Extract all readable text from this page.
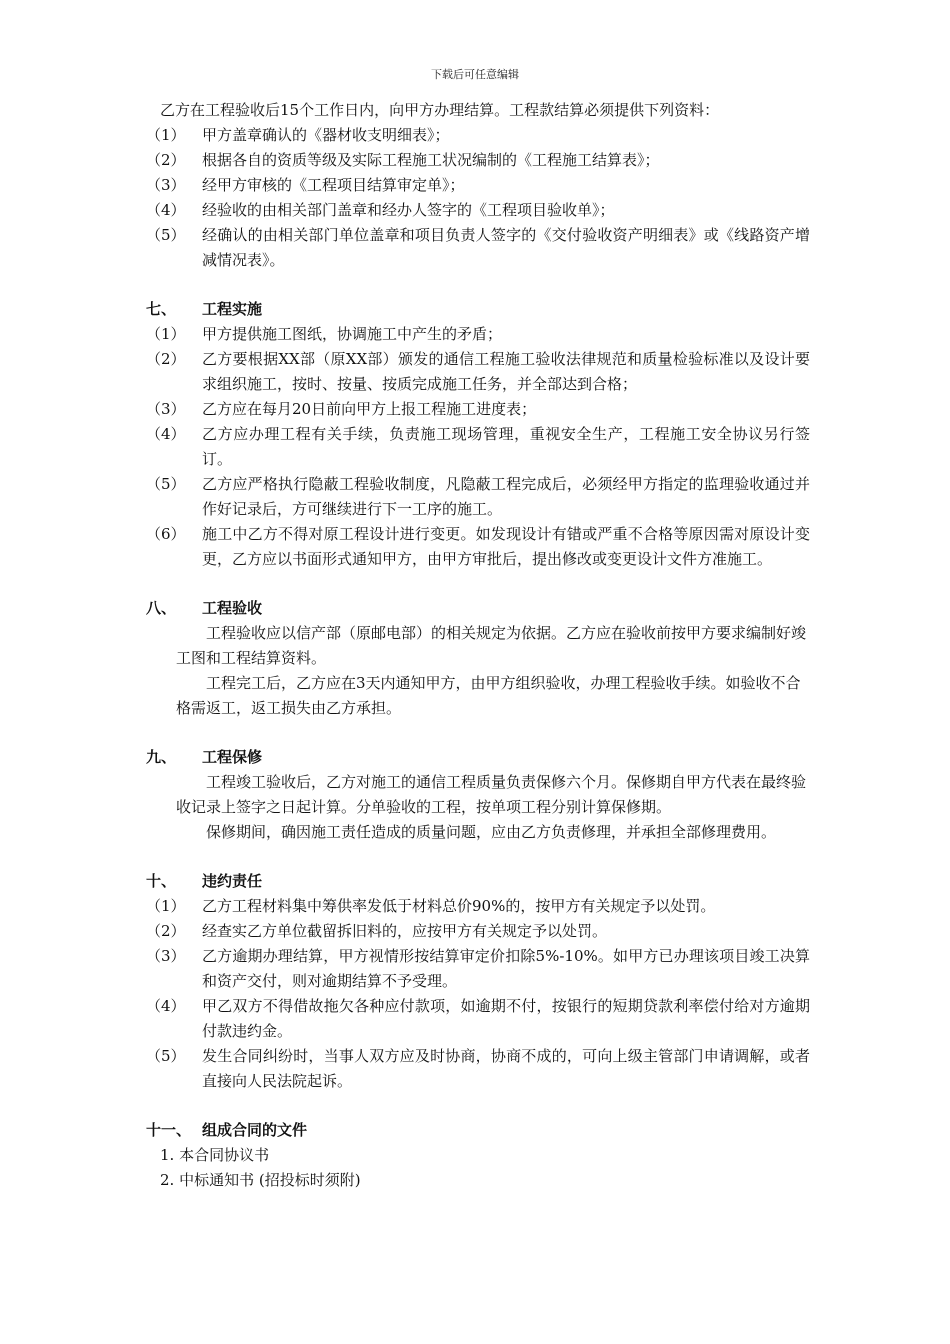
下载后可任意编辑

乙方在工程验收后15个工作日内，向甲方办理结算。工程款结算必须提供下列资料：

（1）	甲方盖章确认的《器材收支明细表》；
（2）	根据各自的资质等级及实际工程施工状况编制的《工程施工结算表》；
（3）	经甲方审核的《工程项目结算审定单》；
（4）	经验收的由相关部门盖章和经办人签字的《工程项目验收单》；
（5）	经确认的由相关部门单位盖章和项目负责人签字的《交付验收资产明细表》或《线路资产增减情况表》。
七、	工程实施
（1）	甲方提供施工图纸，协调施工中产生的矛盾；
（2）	乙方要根据XX部（原XX部）颁发的通信工程施工验收法律规范和质量检验标准以及设计要求组织施工，按时、按量、按质完成施工任务，并全部达到合格；
（3）	乙方应在每月20日前向甲方上报工程施工进度表；
（4）	乙方应办理工程有关手续，负责施工现场管理，重视安全生产，工程施工安全协议另行签订。
（5）	乙方应严格执行隐蔽工程验收制度，凡隐蔽工程完成后，必须经甲方指定的监理验收通过并作好记录后，方可继续进行下一工序的施工。
（6）	施工中乙方不得对原工程设计进行变更。如发现设计有错或严重不合格等原因需对原设计变更，乙方应以书面形式通知甲方，由甲方审批后，提出修改或变更设计文件方准施工。
八、	工程验收

工程验收应以信产部（原邮电部）的相关规定为依据。乙方应在验收前按甲方要求编制好竣工图和工程结算资料。

工程完工后，乙方应在3天内通知甲方，由甲方组织验收，办理工程验收手续。如验收不合格需返工，返工损失由乙方承担。

九、	工程保修

工程竣工验收后，乙方对施工的通信工程质量负责保修六个月。保修期自甲方代表在最终验收记录上签字之日起计算。分单验收的工程，按单项工程分别计算保修期。

保修期间，确因施工责任造成的质量问题，应由乙方负责修理，并承担全部修理费用。

十、	违约责任
（1）	乙方工程材料集中筹供率发低于材料总价90%的，按甲方有关规定予以处罚。
（2）	经查实乙方单位截留拆旧料的，应按甲方有关规定予以处罚。
（3）	乙方逾期办理结算，甲方视情形按结算审定价扣除5%-10%。如甲方已办理该项目竣工决算和资产交付，则对逾期结算不予受理。
（4）	甲乙双方不得借故拖欠各种应付款项，如逾期不付，按银行的短期贷款利率偿付给对方逾期付款违约金。
（5）	发生合同纠纷时，当事人双方应及时协商，协商不成的，可向上级主管部门申请调解，或者直接向人民法院起诉。
十一、 组成合同的文件
1. 本合同协议书
2. 中标通知书 (招投标时须附)
